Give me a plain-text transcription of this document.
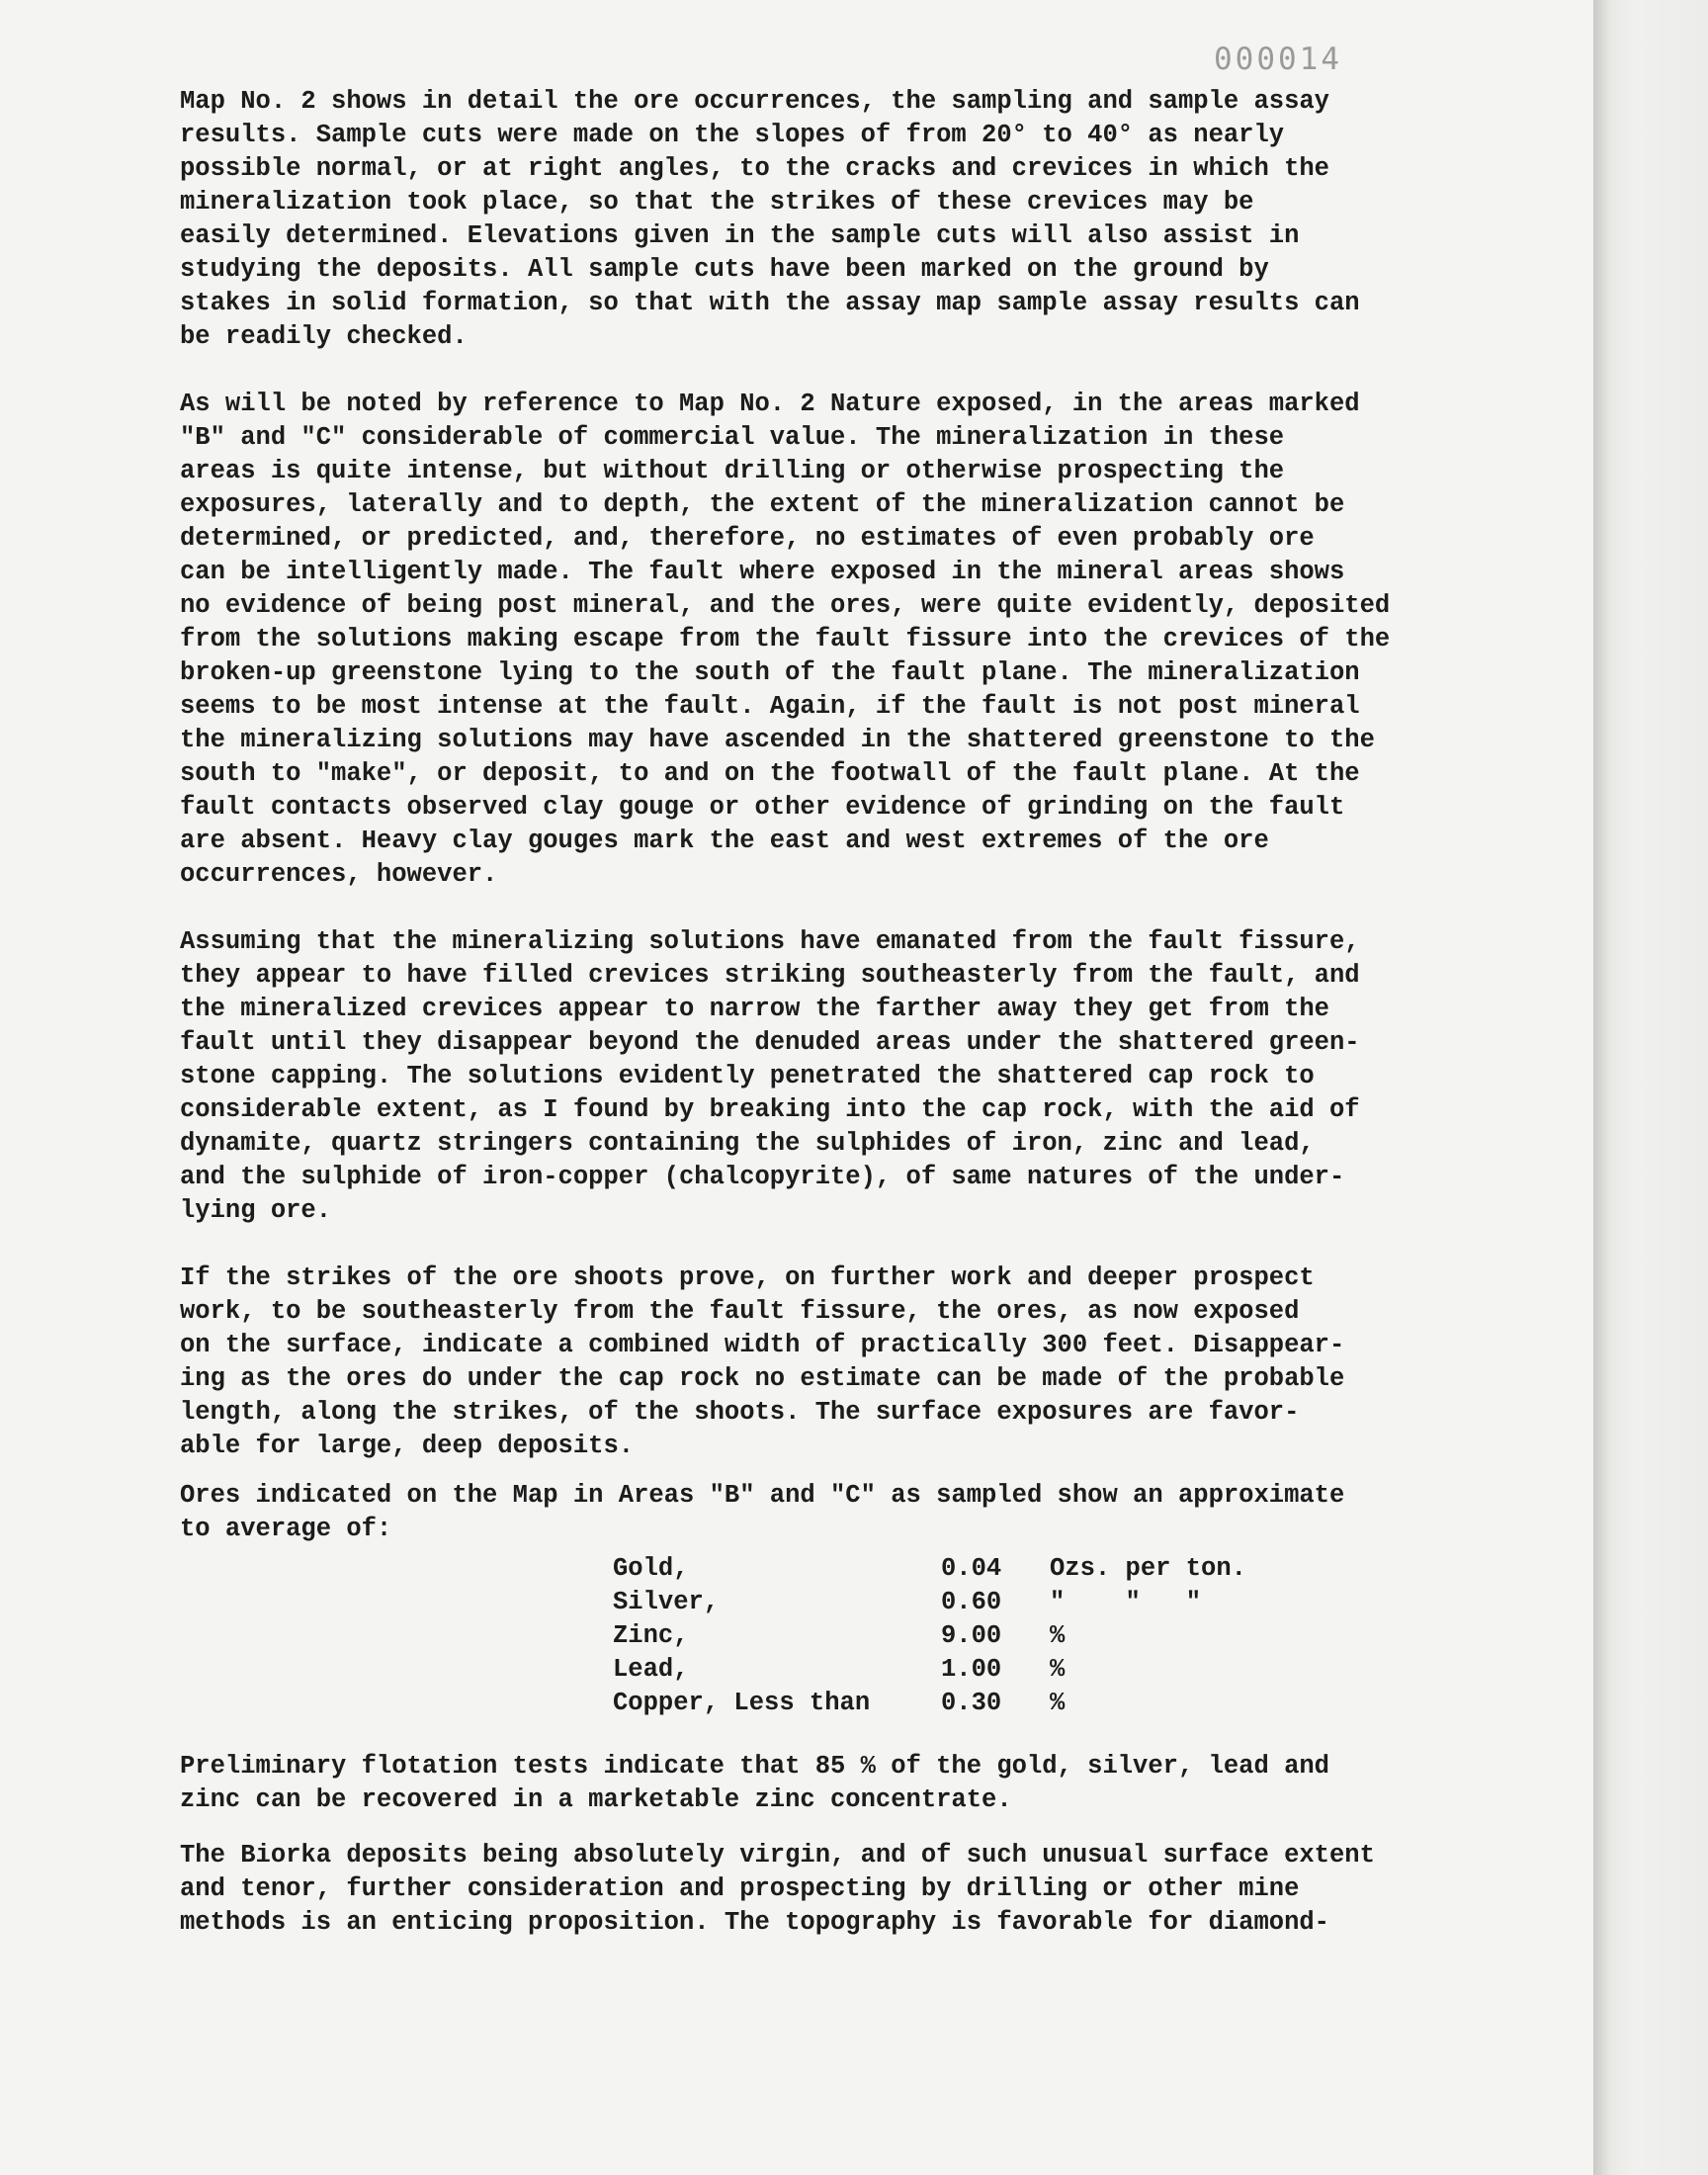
000014
Map No. 2 shows in detail the ore occurrences, the sampling and sample assay
results. Sample cuts were made on the slopes of from 20° to 40° as nearly
possible normal, or at right angles, to the cracks and crevices in which the
mineralization took place, so that the strikes of these crevices may be
easily determined. Elevations given in the sample cuts will also assist in
studying the deposits. All sample cuts have been marked on the ground by
stakes in solid formation, so that with the assay map sample assay results can
be readily checked.
As will be noted by reference to Map No. 2 Nature exposed, in the areas marked
"B" and "C" considerable of commercial value. The mineralization in these
areas is quite intense, but without drilling or otherwise prospecting the
exposures, laterally and to depth, the extent of the mineralization cannot be
determined, or predicted, and, therefore, no estimates of even probably ore
can be intelligently made. The fault where exposed in the mineral areas shows
no evidence of being post mineral, and the ores, were quite evidently, deposited
from the solutions making escape from the fault fissure into the crevices of the
broken-up greenstone lying to the south of the fault plane. The mineralization
seems to be most intense at the fault. Again, if the fault is not post mineral
the mineralizing solutions may have ascended in the shattered greenstone to the
south to "make", or deposit, to and on the footwall of the fault plane. At the
fault contacts observed clay gouge or other evidence of grinding on the fault
are absent. Heavy clay gouges mark the east and west extremes of the ore
occurrences, however.
Assuming that the mineralizing solutions have emanated from the fault fissure,
they appear to have filled crevices striking southeasterly from the fault, and
the mineralized crevices appear to narrow the farther away they get from the
fault until they disappear beyond the denuded areas under the shattered green-
stone capping. The solutions evidently penetrated the shattered cap rock to
considerable extent, as I found by breaking into the cap rock, with the aid of
dynamite, quartz stringers containing the sulphides of iron, zinc and lead,
and the sulphide of iron-copper (chalcopyrite), of same natures of the under-
lying ore.
If the strikes of the ore shoots prove, on further work and deeper prospect
work, to be southeasterly from the fault fissure, the ores, as now exposed
on the surface, indicate a combined width of practically 300 feet. Disappear-
ing as the ores do under the cap rock no estimate can be made of the probable
length, along the strikes, of the shoots. The surface exposures are favor-
able for large, deep deposits.
Ores indicated on the Map in Areas "B" and "C" as sampled show an approximate
to average of:
Gold,	0.04	Ozs. per ton.
Silver,	0.60	"    "   "
Zinc,	9.00	%
Lead,	1.00	%
Copper, Less than	0.30	%
Preliminary flotation tests indicate that 85 % of the gold, silver, lead and
zinc can be recovered in a marketable zinc concentrate.
The Biorka deposits being absolutely virgin, and of such unusual surface extent
and tenor, further consideration and prospecting by drilling or other mine
methods is an enticing proposition. The topography is favorable for diamond-
